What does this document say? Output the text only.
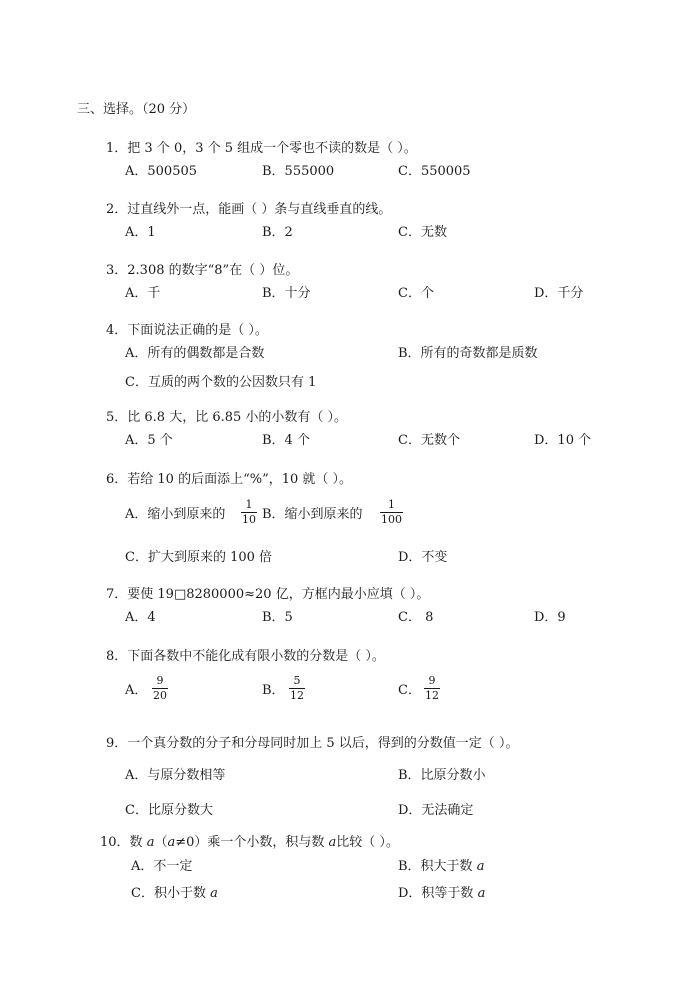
三、选择。（20 分）
1．把 3 个 0，3 个 5 组成一个零也不读的数是（ ）。
A．500505	B．555000	C．550005
2．过直线外一点，能画（ ）条与直线垂直的线。
A．1	B．2	C．无数
3．2.308 的数字“8”在（ ）位。
A．千	B．十分	C．个	D．千分
4．下面说法正确的是（ ）。
A．所有的偶数都是合数	B．所有的奇数都是质数
C．互质的两个数的公因数只有 1
5．比 6.8 大，比 6.85 小的小数有（ ）。
A．5 个	B．4 个	C．无数个	D．10 个
6．若给 10 的后面添上“%”，10 就（ ）。
A．缩小到原来的 $\frac{1}{10}$ B．缩小到原来的 $\frac{1}{100}$
C．扩大到原来的 100 倍	D．不变
7．要使 19□8280000≈20 亿，方框内最小应填（ ）。
A．4	B．5	C． 8	D．9
8．下面各数中不能化成有限小数的分数是（ ）。
A． $\frac{9}{20}$	B． $\frac{5}{12}$	C． $\frac{9}{12}$
9．一个真分数的分子和分母同时加上 5 以后，得到的分数值一定（ ）。
A．与原分数相等	B．比原分数小
C．比原分数大	D．无法确定
10．数 a（a≠0）乘一个小数，积与数 a比较（ ）。
A．不一定	B．积大于数 a
C．积小于数 a	D．积等于数 a
